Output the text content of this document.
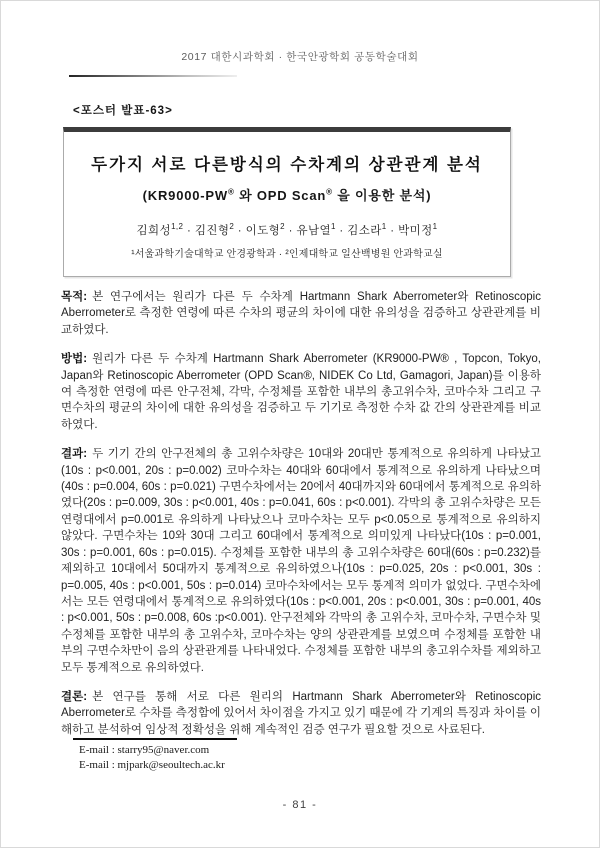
2017 대한시과학회 · 한국안광학회 공동학술대회
<포스터 발표-63>
두가지 서로 다른방식의 수차계의 상관관계 분석
(KR9000-PW® 와 OPD Scan® 을 이용한 분석)
김희성$^{1,2}$ · 김진형$^2$ · 이도형$^2$ · 유남열$^1$ · 김소라$^1$ · 박미정$^1$
¹서울과학기술대학교 안경광학과 · ²인제대학교 일산백병원 안과학교실

목적: 본 연구에서는 원리가 다른 두 수차계 Hartmann Shark Aberrometer와 Retinoscopic Aberrometer로 측정한 연령에 따른 수차의 평균의 차이에 대한 유의성을 검증하고 상관관계를 비교하였다.

방법: 원리가 다른 두 수차계 Hartmann Shark Aberrometer (KR9000-PW® , Topcon, Tokyo, Japan와 Retinoscopic Aberrometer (OPD Scan®, NIDEK Co Ltd, Gamagori, Japan)를 이용하여 측정한 연령에 따른 안구전체, 각막, 수정체를 포함한 내부의 총고위수차, 코마수차 그리고 구면수차의 평균의 차이에 대한 유의성을 검증하고 두 기기로 측정한 수차 값 간의 상관관계를 비교하였다.

결과: 두 기기 간의 안구전체의 총 고위수차량은 10대와 20대만 통계적으로 유의하게 나타났고(10s : p<0.001, 20s : p=0.002) 코마수차는 40대와 60대에서 통계적으로 유의하게 나타났으며(40s : p=0.004, 60s : p=0.021) 구면수차에서는 20에서 40대까지와 60대에서 통계적으로 유의하였다(20s : p=0.009, 30s : p<0.001, 40s : p=0.041, 60s : p<0.001). 각막의 총 고위수차량은 모든 연령대에서 p=0.001로 유의하게 나타났으나 코마수차는 모두 p<0.05으로 통계적으로 유의하지 않았다. 구면수차는 10와 30대 그리고 60대에서 통계적으로 의미있게 나타났다(10s : p=0.001, 30s : p=0.001, 60s : p=0.015). 수정체를 포함한 내부의 총 고위수차량은 60대(60s : p=0.232)를 제외하고 10대에서 50대까지 통계적으로 유의하였으나(10s : p=0.025, 20s : p<0.001, 30s : p=0.005, 40s : p<0.001, 50s : p=0.014) 코마수차에서는 모두 통계적 의미가 없었다. 구면수차에서는 모든 연령대에서 통계적으로 유의하였다(10s : p<0.001, 20s : p<0.001, 30s : p=0.001, 40s : p<0.001, 50s : p=0.008, 60s :p<0.001). 안구전체와 각막의 총 고위수차, 코마수차, 구면수차 및 수정체를 포함한 내부의 총 고위수차, 코마수차는 양의 상관관계를 보였으며 수정체를 포함한 내부의 구면수차만이 음의 상관관계를 나타내었다. 수정체를 포함한 내부의 총고위수차를 제외하고 모두 통계적으로 유의하였다.

결론: 본 연구를 통해 서로 다른 원리의 Hartmann Shark Aberrometer와 Retinoscopic Aberrometer로 수차를 측정함에 있어서 차이점을 가지고 있기 때문에 각 기계의 특징과 차이를 이해하고 분석하여 임상적 정확성을 위해 계속적인 검증 연구가 필요할 것으로 사료된다.

E-mail : starry95@naver.com
E-mail : mjpark@seoultech.ac.kr
- 81 -
